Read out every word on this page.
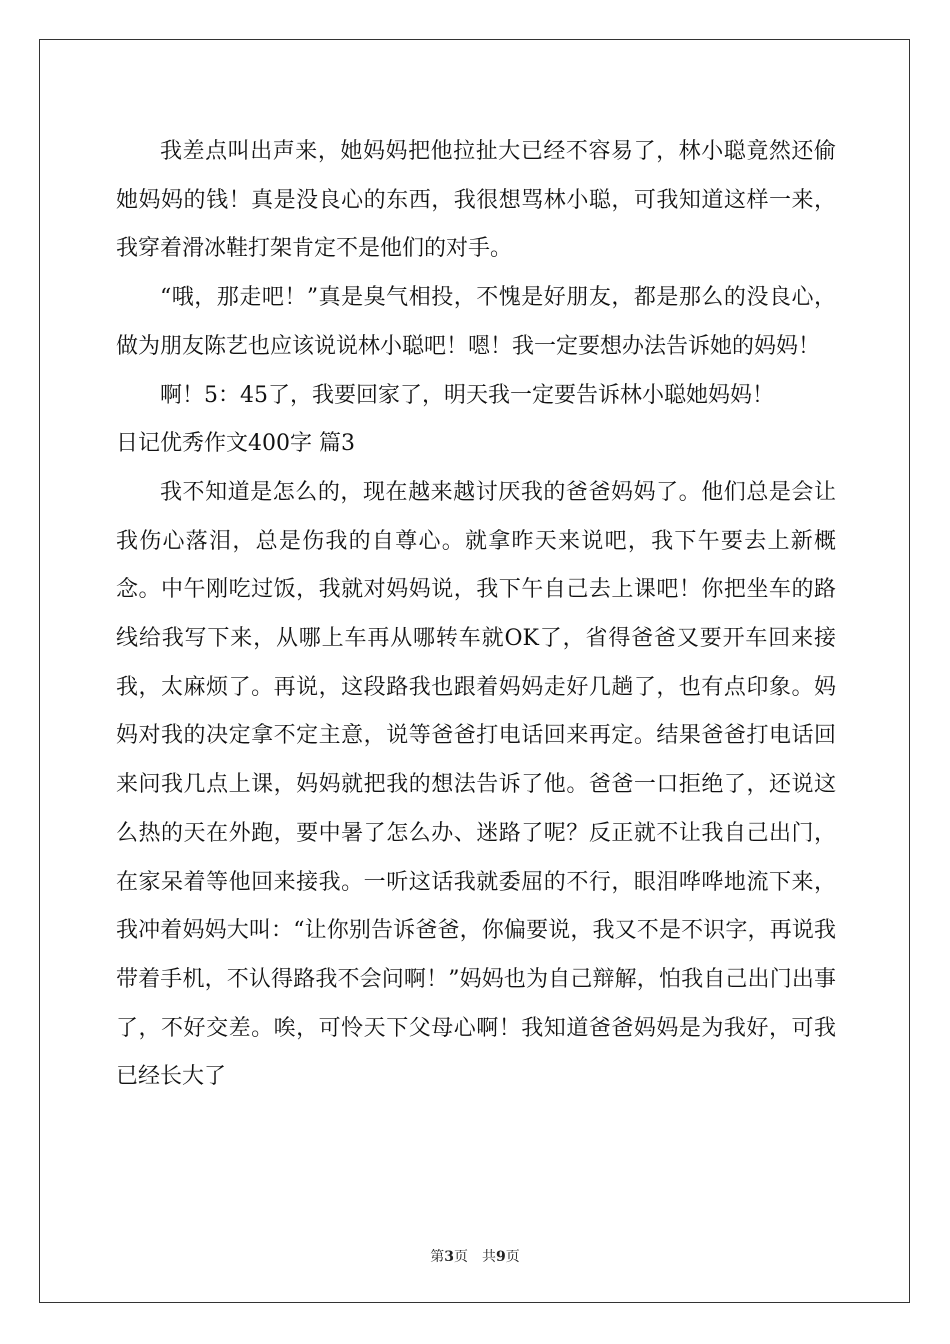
我差点叫出声来，她妈妈把他拉扯大已经不容易了，林小聪竟然还偷她妈妈的钱！真是没良心的东西，我很想骂林小聪，可我知道这样一来，我穿着滑冰鞋打架肯定不是他们的对手。

“哦，那走吧！”真是臭气相投，不愧是好朋友，都是那么的没良心，做为朋友陈艺也应该说说林小聪吧！嗯！我一定要想办法告诉她的妈妈！

啊！5：45了，我要回家了，明天我一定要告诉林小聪她妈妈！

日记优秀作文400字 篇3

我不知道是怎么的，现在越来越讨厌我的爸爸妈妈了。他们总是会让我伤心落泪，总是伤我的自尊心。就拿昨天来说吧，我下午要去上新概念。中午刚吃过饭，我就对妈妈说，我下午自己去上课吧！你把坐车的路线给我写下来，从哪上车再从哪转车就OK了，省得爸爸又要开车回来接我，太麻烦了。再说，这段路我也跟着妈妈走好几趟了，也有点印象。妈妈对我的决定拿不定主意，说等爸爸打电话回来再定。结果爸爸打电话回来问我几点上课，妈妈就把我的想法告诉了他。爸爸一口拒绝了，还说这么热的天在外跑，要中暑了怎么办、迷路了呢？反正就不让我自己出门，在家呆着等他回来接我。一听这话我就委屈的不行，眼泪哗哗地流下来，我冲着妈妈大叫：“让你别告诉爸爸，你偏要说，我又不是不识字，再说我带着手机，不认得路我不会问啊！”妈妈也为自己辩解，怕我自己出门出事了，不好交差。唉，可怜天下父母心啊！我知道爸爸妈妈是为我好，可我已经长大了

第3页 共9页
